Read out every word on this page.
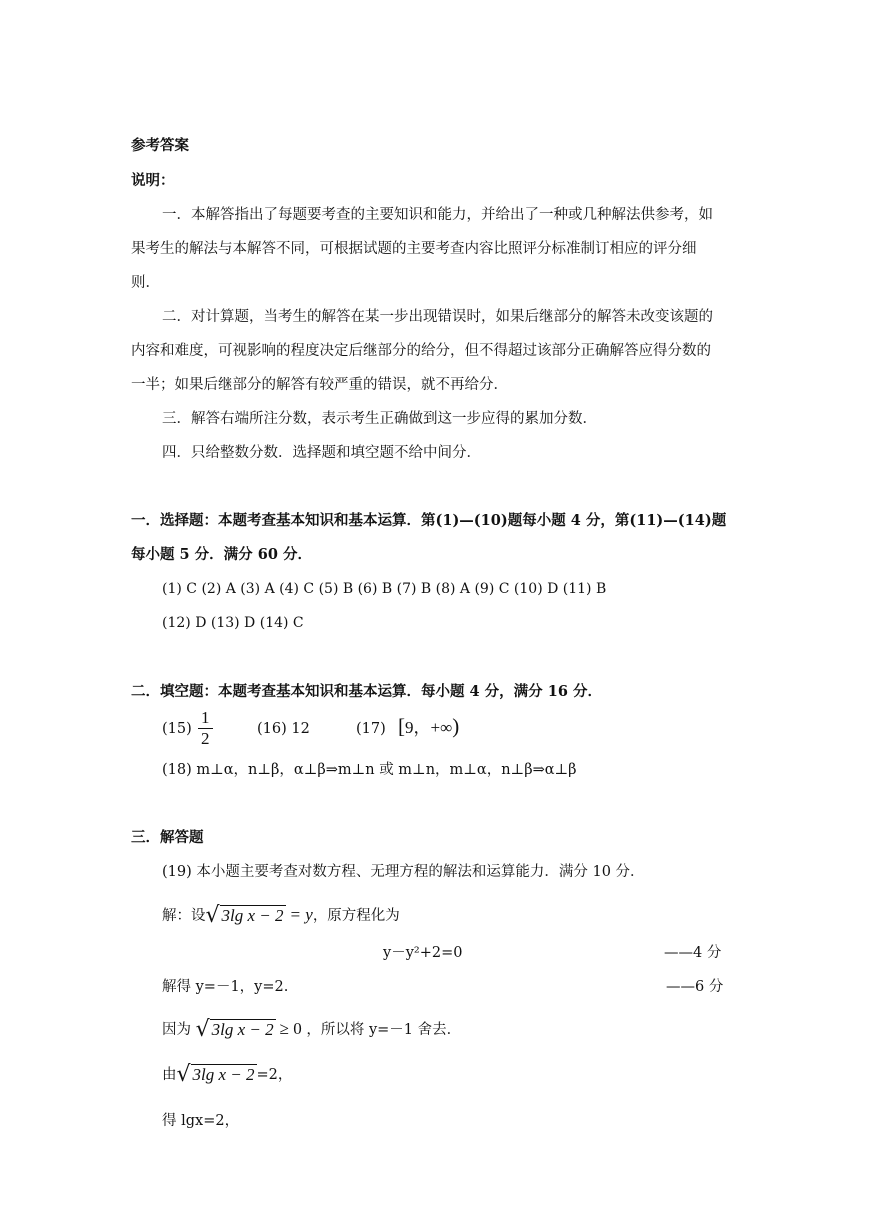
参考答案
说明：
一．本解答指出了每题要考查的主要知识和能力，并给出了一种或几种解法供参考，如
果考生的解法与本解答不同，可根据试题的主要考查内容比照评分标准制订相应的评分细
则．
二．对计算题，当考生的解答在某一步出现错误时，如果后继部分的解答未改变该题的
内容和难度，可视影响的程度决定后继部分的给分，但不得超过该部分正确解答应得分数的
一半；如果后继部分的解答有较严重的错误，就不再给分．
三．解答右端所注分数，表示考生正确做到这一步应得的累加分数．
四．只给整数分数．选择题和填空题不给中间分．
一．选择题：本题考查基本知识和基本运算．第(1)—(10)题每小题 4 分，第(11)—(14)题
每小题 5 分．满分 60 分．
(1) C (2) A (3) A (4) C (5) B (6) B (7) B (8) A (9) C (10) D (11) B
(12) D (13) D (14) C
二．填空题：本题考查基本知识和基本运算．每小题 4 分，满分 16 分．
$(15) \frac{1}{2}$	(16) 12	(17) [9，+∞)
(18) m⊥α，n⊥β，α⊥β⇒m⊥n 或 m⊥n，m⊥α，n⊥β⇒α⊥β
三．解答题
(19) 本小题主要考查对数方程、无理方程的解法和运算能力．满分 10 分．
解：设√ 3lg x − 2 = y，原方程化为
y－y²+2=0	——4 分
解得 y=－1，y=2.	——6 分
因为 √ 3lg x − 2 ≥ 0 ，所以将 y=－1 舍去．
由√ 3lg x − 2 =2，
得 lgx=2，
